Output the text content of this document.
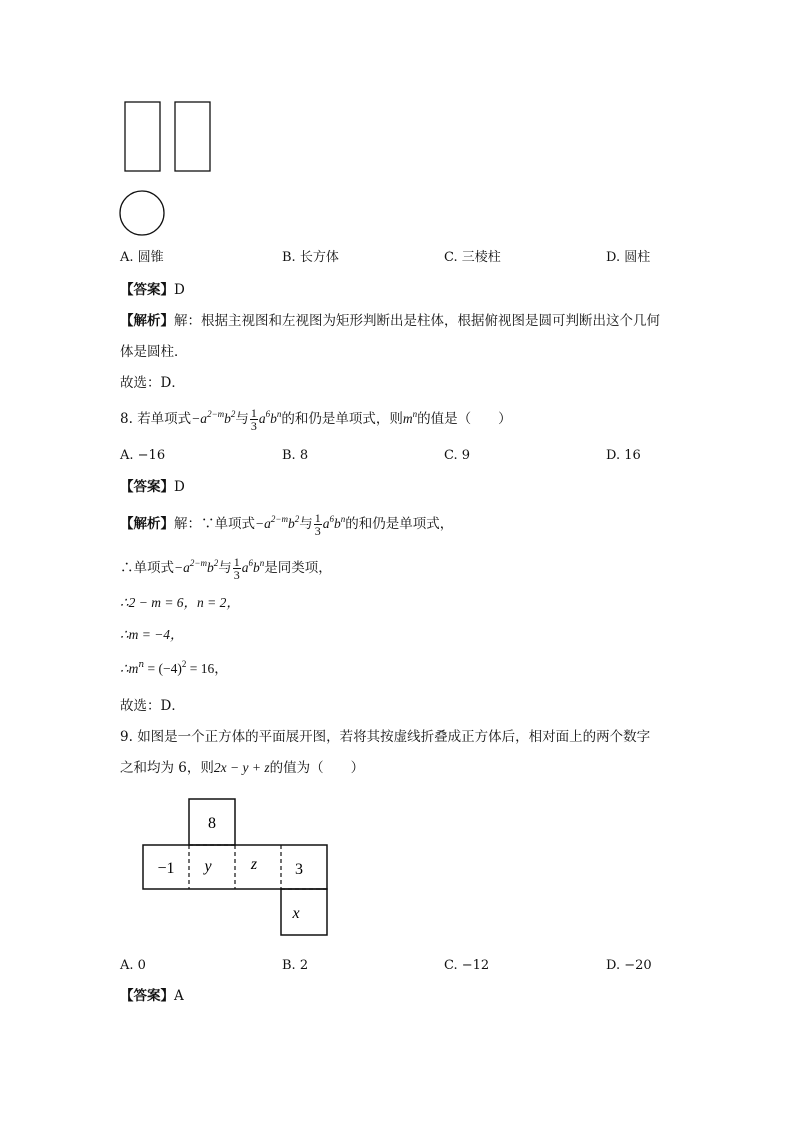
A. 圆锥	B. 长方体	C. 三棱柱	D. 圆柱
【答案】D
【解析】解：根据主视图和左视图为矩形判断出是柱体，根据俯视图是圆可判断出这个几何
体是圆柱．
故选：D．
8. 若单项式$-a^{2-m}b^2$与 $\frac{1}{3} a^6b^n$的和仍是单项式，则$m^n$的值是（　　）
A. −16	B. 8	C. 9	D. 16
【答案】D
【解析】解：∵单项式$-a^{2-m}b^2$与 $\frac{1}{3} a^6b^n$的和仍是单项式，
∴单项式$-a^{2-m}b^2$与 $\frac{1}{3} a^6b^n$是同类项，
∴2 − m = 6，n = 2，
∴m = −4，
$\therefore m^n = (-4)^2 = 16$，
故选：D．
9. 如图是一个正方体的平面展开图，若将其按虚线折叠成正方体后，相对面上的两个数字
之和均为 6，则2x − y + z的值为（　　）
8
−1 y z 3
x
A. 0	B. 2	C. −12	D. −20
【答案】A
